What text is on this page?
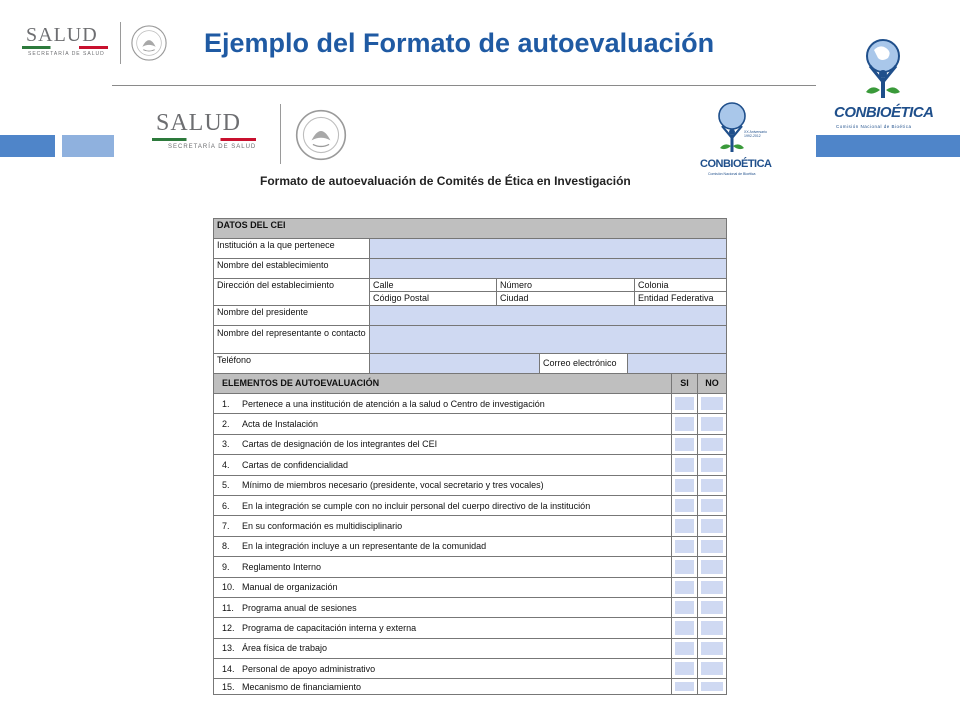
SALUD
SECRETARÍA DE SALUD	Ejemplo del Formato de autoevaluación
CONBIOÉTICA
Comisión Nacional de Bioética
SALUD
SECRETARÍA DE SALUD
XX Aniversario 1992-2012
CONBIOÉTICA
Comisión Nacional de Bioética
Formato de autoevaluación de Comités de Ética en Investigación
DATOS DEL CEI
Institución a la que pertenece
Nombre del establecimiento
Dirección del establecimiento	Calle	Número	Colonia
Código Postal	Ciudad	Entidad Federativa
Nombre del presidente
Nombre del representante o contacto
Teléfono	Correo electrónico
ELEMENTOS DE AUTOEVALUACIÓN	SI	NO
1.	Pertenece a una institución de atención a la salud o Centro de investigación
2.	Acta de Instalación
3.	Cartas de designación de los integrantes del CEI
4.	Cartas de confidencialidad
5.	Mínimo de miembros necesario (presidente, vocal secretario y tres vocales)
6.	En la integración se cumple con no incluir personal del cuerpo directivo de la institución
7.	En su conformación es multidisciplinario
8.	En la integración incluye a un representante de la comunidad
9.	Reglamento Interno
10. Manual de organización
11. Programa anual de sesiones
12. Programa de capacitación interna y externa
13. Área física de trabajo
14. Personal de apoyo administrativo
15. Mecanismo de financiamiento
